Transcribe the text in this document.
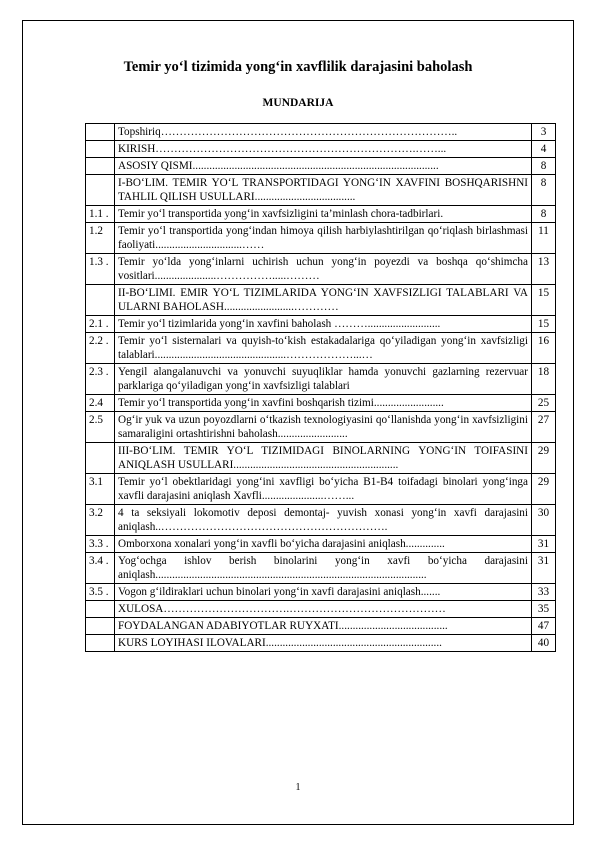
Temir yo‘l tizimida yong‘in xavflilik darajasini baholash
MUNDARIJA
	Topshiriq……………………………………………………………………..	3
	KIRISH…………………………………………………………….……...	4
	ASOSIY QISMI........................................................................................	8
	I-BO‘LIM. TEMIR YO‘L TRANSPORTIDAGI YONG‘IN XAVFINI BOSHQARISHNI TAHLIL QILISH USULLARI....................................	8
1.1 .	Temir yo‘l transportida yong‘in xavfsizligini ta’minlash chora-tadbirlari.	8
1.2	Temir yo‘l transportida yong‘indan himoya qilish harbiylashtirilgan qo‘riqlash birlashmasi faoliyati...............................……	11
1.3 .	Temir yo‘lda yong‘inlarni uchirish uchun yong‘in poyezdi va boshqa qo‘shimcha vositlari......................…………….....………	13
	II-BO‘LIMI. EMIR YO‘L TIZIMLARIDA YONG‘IN XAVFSIZLIGI TALABLARI VA ULARNI BAHOLASH.........................…………	15
2.1 .	Temir yo‘l tizimlarida yong‘in xavfini baholash ………..........................	15
2.2 .	Temir yo‘l sisternalari va quyish-to‘kish estakadalariga qo‘yiladigan yong‘in xavfsizligi talablari...............................................………………...…	16
2.3 .	Yengil alangalanuvchi va yonuvchi suyuqliklar hamda yonuvchi gazlarning rezervuar parklariga qo‘yiladigan yong‘in xavfsizligi talablari	18
2.4	Temir yo‘l transportida yong‘in xavfini boshqarish tizimi.........................	25
2.5	Og‘ir yuk va uzun poyozdlarni o‘tkazish texnologiyasini qo‘llanishda yong‘in xavfsizligini samaraligini ortashtirishni baholash.........................	27
	III-BO‘LIM. TEMIR YO‘L TIZIMIDAGI BINOLARNING YONG‘IN TOIFASINI ANIQLASH USULLARI...........................................................	29
3.1	Temir yo‘l obektlaridagi yong‘ini xavfligi bo‘yicha B1-B4 toifadagi binolari yong‘inga xavfli darajasini aniqlash Xavfli......................……...	29
3.2	4 ta seksiyali lokomotiv deposi demontaj- yuvish xonasi yong‘in xavfi darajasini aniqlash..…………………………………………………….	30
3.3 .	Omborxona xonalari yong‘in xavfli bo‘yicha darajasini aniqlash..............	31
3.4 .	Yog‘ochga ishlov berish binolarini yong‘in xavfi bo‘yicha darajasini aniqlash.................................................................................................	31
3.5 .	Vogon g‘ildiraklari uchun binolari yong‘in xavfi darajasini aniqlash.......	33
	XULOSA…………………………….……………………………………	35
	FOYDALANGAN ADABIYOTLAR RUYXATI.......................................	47
	KURS LOYIHASI ILOVALARI...............................................................	40
1
